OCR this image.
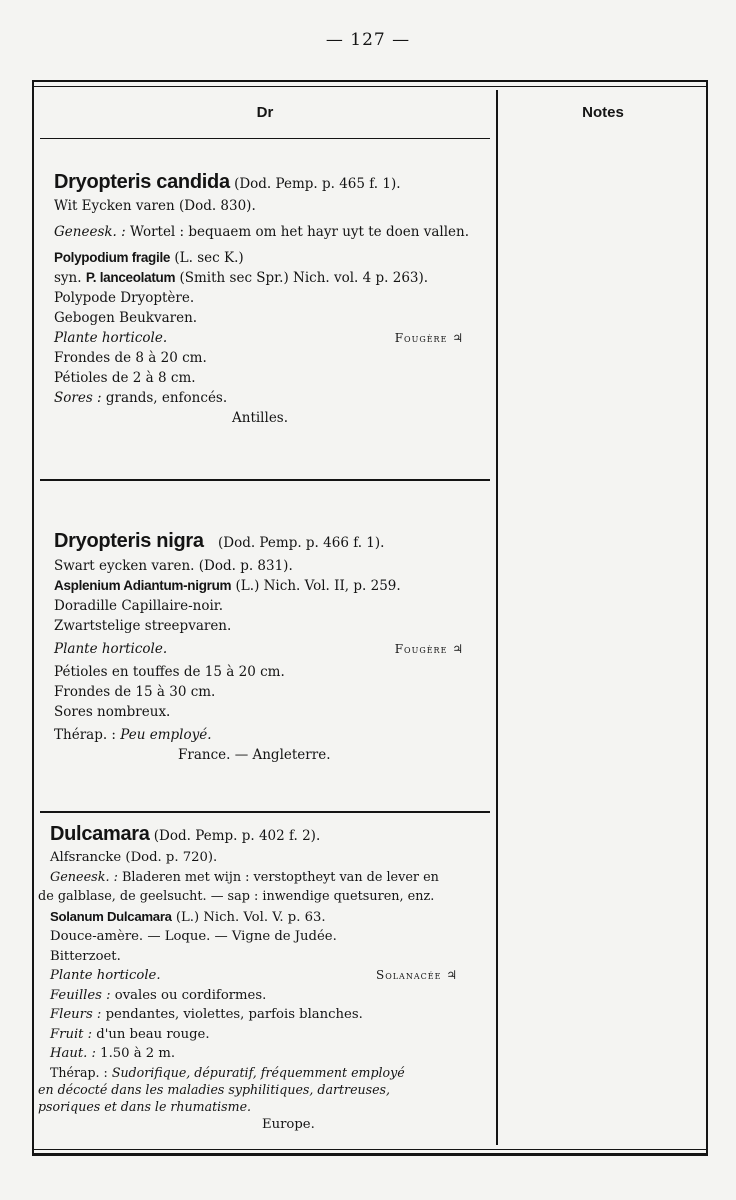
— 127 —
Dr	Notes
Dryopteris candida (Dod. Pemp. p. 465 f. 1).
Wit Eycken varen (Dod. 830).
Geneesk. : Wortel : bequaem om het hayr uyt te doen vallen.
Polypodium fragile (L. sec K.)
syn. P. lanceolatum (Smith sec Spr.) Nich. vol. 4 p. 263).
Polypode Dryoptère.
Gebogen Beukvaren.
Plante horticole.	Fougère ♃
Frondes de 8 à 20 cm.
Pétioles de 2 à 8 cm.
Sores : grands, enfoncés.
Antilles.
Dryopteris nigra (Dod. Pemp. p. 466 f. 1).
Swart eycken varen. (Dod. p. 831).
Asplenium Adiantum-nigrum (L.) Nich. Vol. II, p. 259.
Doradille Capillaire-noir.
Zwartstelige streepvaren.
Plante horticole.	Fougère ♃
Pétioles en touffes de 15 à 20 cm.
Frondes de 15 à 30 cm.
Sores nombreux.
Thérap. : Peu employé.
France. — Angleterre.
Dulcamara (Dod. Pemp. p. 402 f. 2).
Alfsrancke (Dod. p. 720).
Geneesk. : Bladeren met wijn : verstoptheyt van de lever en
de galblase, de geelsucht. — sap : inwendige quetsuren, enz.
Solanum Dulcamara (L.) Nich. Vol. V. p. 63.
Douce-amère. — Loque. — Vigne de Judée.
Bitterzoet.
Plante horticole.	Solanacée ♃
Feuilles : ovales ou cordiformes.
Fleurs : pendantes, violettes, parfois blanches.
Fruit : d'un beau rouge.
Haut. : 1.50 à 2 m.
Thérap. : Sudorifique, dépuratif, fréquemment employé
en décocté dans les maladies syphilitiques, dartreuses,
psoriques et dans le rhumatisme.
Europe.
